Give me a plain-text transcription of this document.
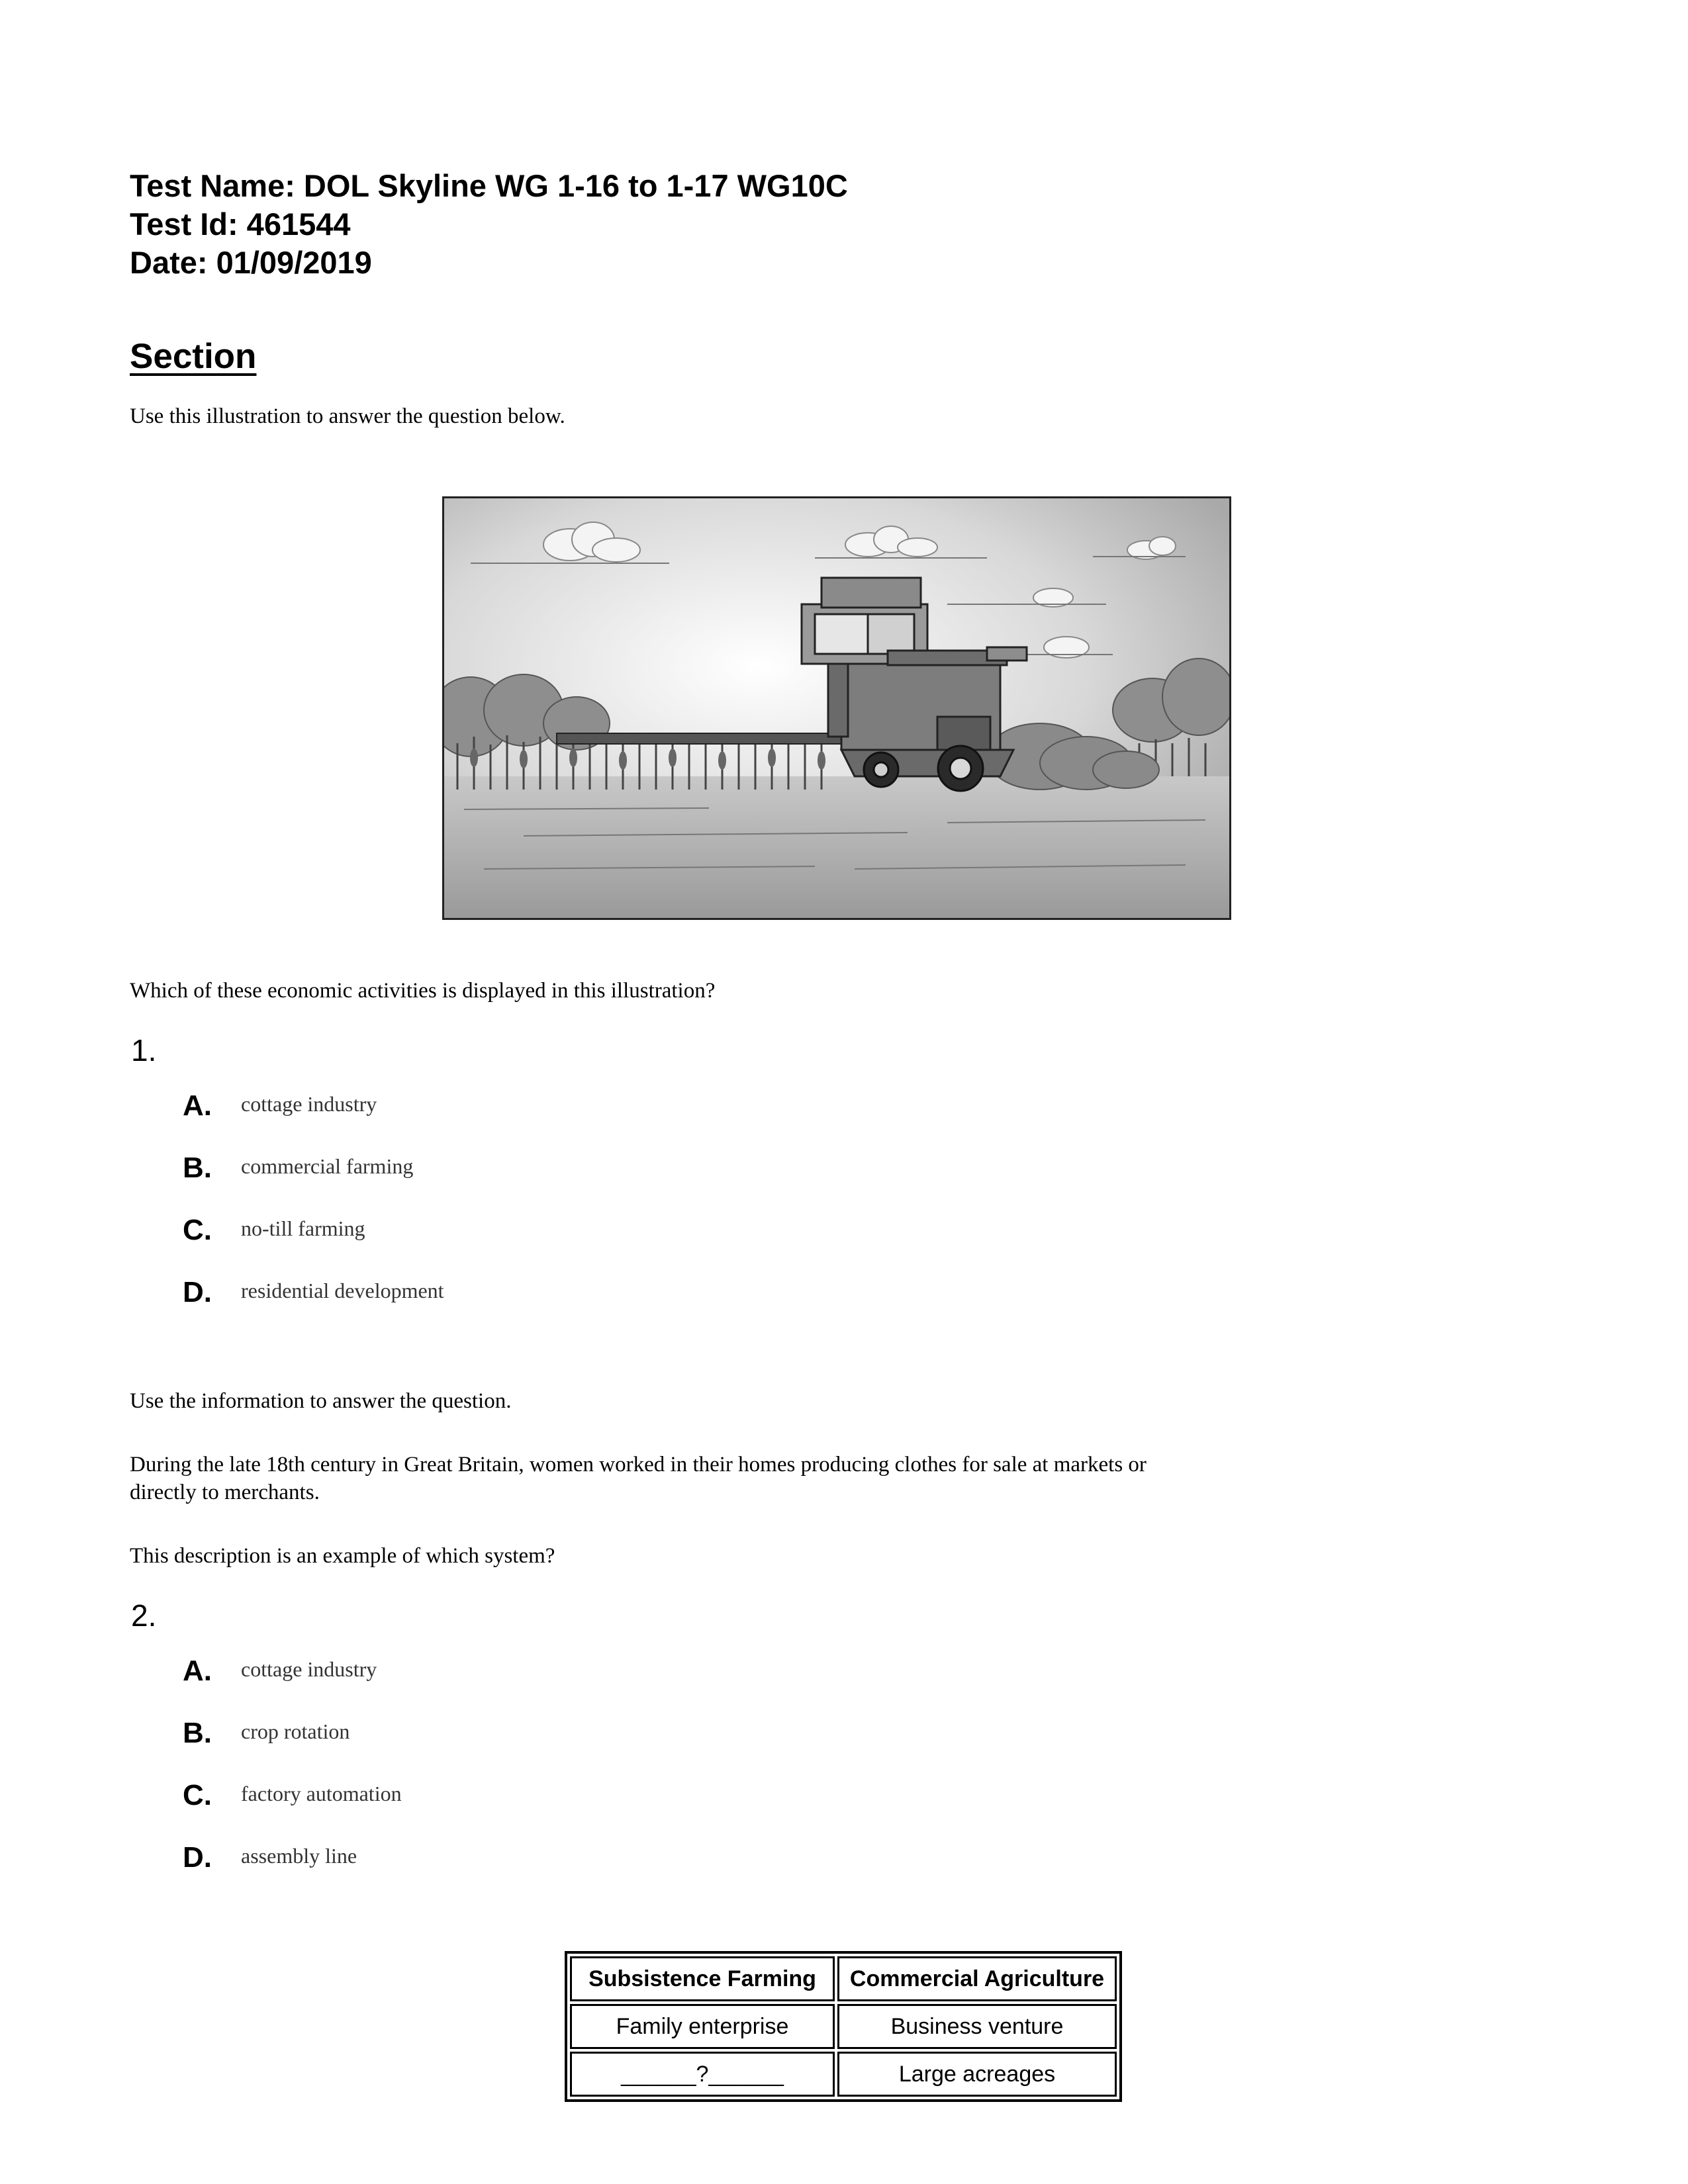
Test Name: DOL Skyline WG 1-16 to 1-17 WG10C
Test Id: 461544
Date: 01/09/2019
Section
Use this illustration to answer the question below.
Which of these economic activities is displayed in this illustration?
1.
A. cottage industry
B. commercial farming
C. no-till farming
D. residential development
Use the information to answer the question.
During the late 18th century in Great Britain, women worked in their homes producing clothes for sale at markets or
directly to merchants.
This description is an example of which system?
2.
A. cottage industry
B. crop rotation
C. factory automation
D. assembly line
Subsistence Farming	Commercial Agriculture
Family enterprise	Business venture
______?______	Large acreages
